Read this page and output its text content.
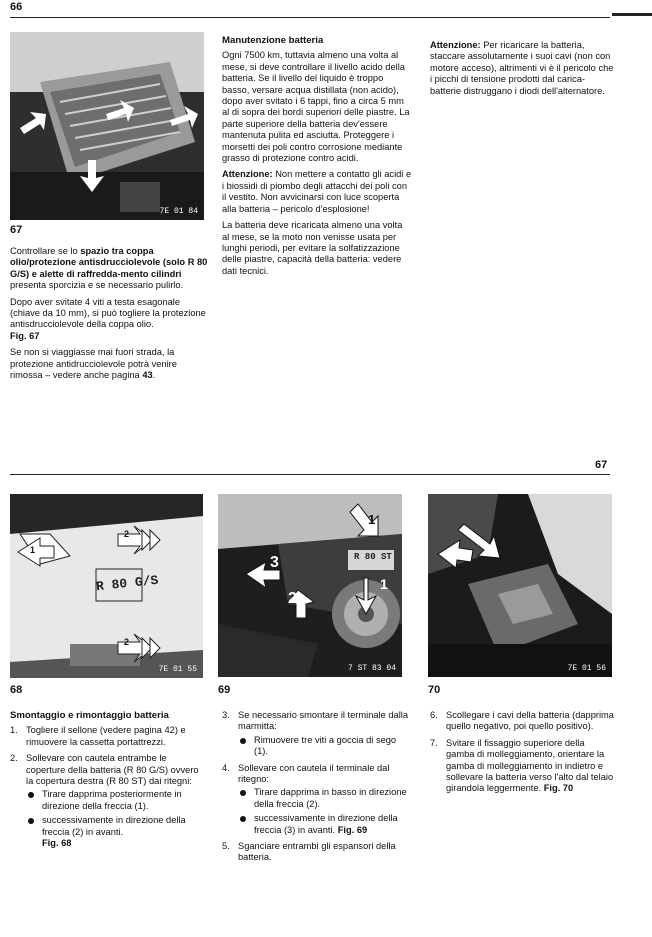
66
7E 01 84
67

Controllare se lo spazio tra coppa olio/protezione antisdrucciolevole (solo R 80 G/S) e alette di raffredda-mento cilindri presenta sporcizia e se necessario pulirlo.

Dopo aver svitate 4 viti a testa esagonale (chiave da 10 mm), si può togliere la protezione antisdrucciolevole della coppa olio.
Fig. 67

Se non si viaggiasse mai fuori strada, la protezione antidrucciolevole potrà venire rimossa – vedere anche pagina 43.

Manutenzione batteria

Ogni 7500 km, tuttavia almeno una volta al mese, si deve controllare il livello acido della batteria. Se il livello del liquido è troppo basso, versare acqua distillata (non acido), dopo aver svitato i 6 tappi, fino a circa 5 mm al di sopra dei bordi superiori delle piastre. La parte superiore della batteria dev'essere mantenuta pulita ed asciutta. Proteggere i morsetti dei poli contro corrosione mediante grasso di protezione contro acidi.

Attenzione: Non mettere a contatto gli acidi e i biossidi di piombo degli attacchi dei poli con il vestito. Non avvicinarsi con luce scoperta alla batteria – pericolo d'esplosione!

La batteria deve ricaricata almeno una volta al mese, se la moto non venisse usata per lunghi periodi, per evitare la solfatizzazione delle piastre, capacità della batteria: vedere dati tecnici.

Attenzione: Per ricaricare la batteria, staccare assolutamente i suoi cavi (non con motore acceso), altrimenti vi è il pericolo che i picchi di tensione prodotti dal carica-batterie distruggano i diodi dell'alternatore.

67
R 80 G/S
2
1
2
7E 01 55
68
R 80 ST
1
3
2
1
7 ST 83 04
69
7E 01 56
70
Smontaggio e rimontaggio batteria
1. Togliere il sellone (vedere pagina 42) e rimuovere la cassetta portattrezzi.
2. Sollevare con cautela entrambe le coperture della batteria (R 80 G/S) ovvero la copertura destra (R 80 ST) dai ritegni:
Tirare dapprima posteriormente in direzione della freccia (1).
successivamente in direzione della freccia (2) in avanti.
Fig. 68
3. Se necessario smontare il terminale dalla marmitta:
Rimuovere tre viti a goccia di sego (1).
4. Sollevare con cautela il terminale dal ritegno:
Tirare dapprima in basso in direzione della freccia (2).
successivamente in direzione della freccia (3) in avanti. Fig. 69
5. Sganciare entrambi gli espansori della batteria.
6. Scollegare i cavi della batteria (dapprima quello negativo, poi quello positivo).
7. Svitare il fissaggio superiore della gamba di molleggiamento, orientare la gamba di molleggiamento in indietro e sollevare la batteria verso l'alto dal telaio girandola leggermente. Fig. 70
